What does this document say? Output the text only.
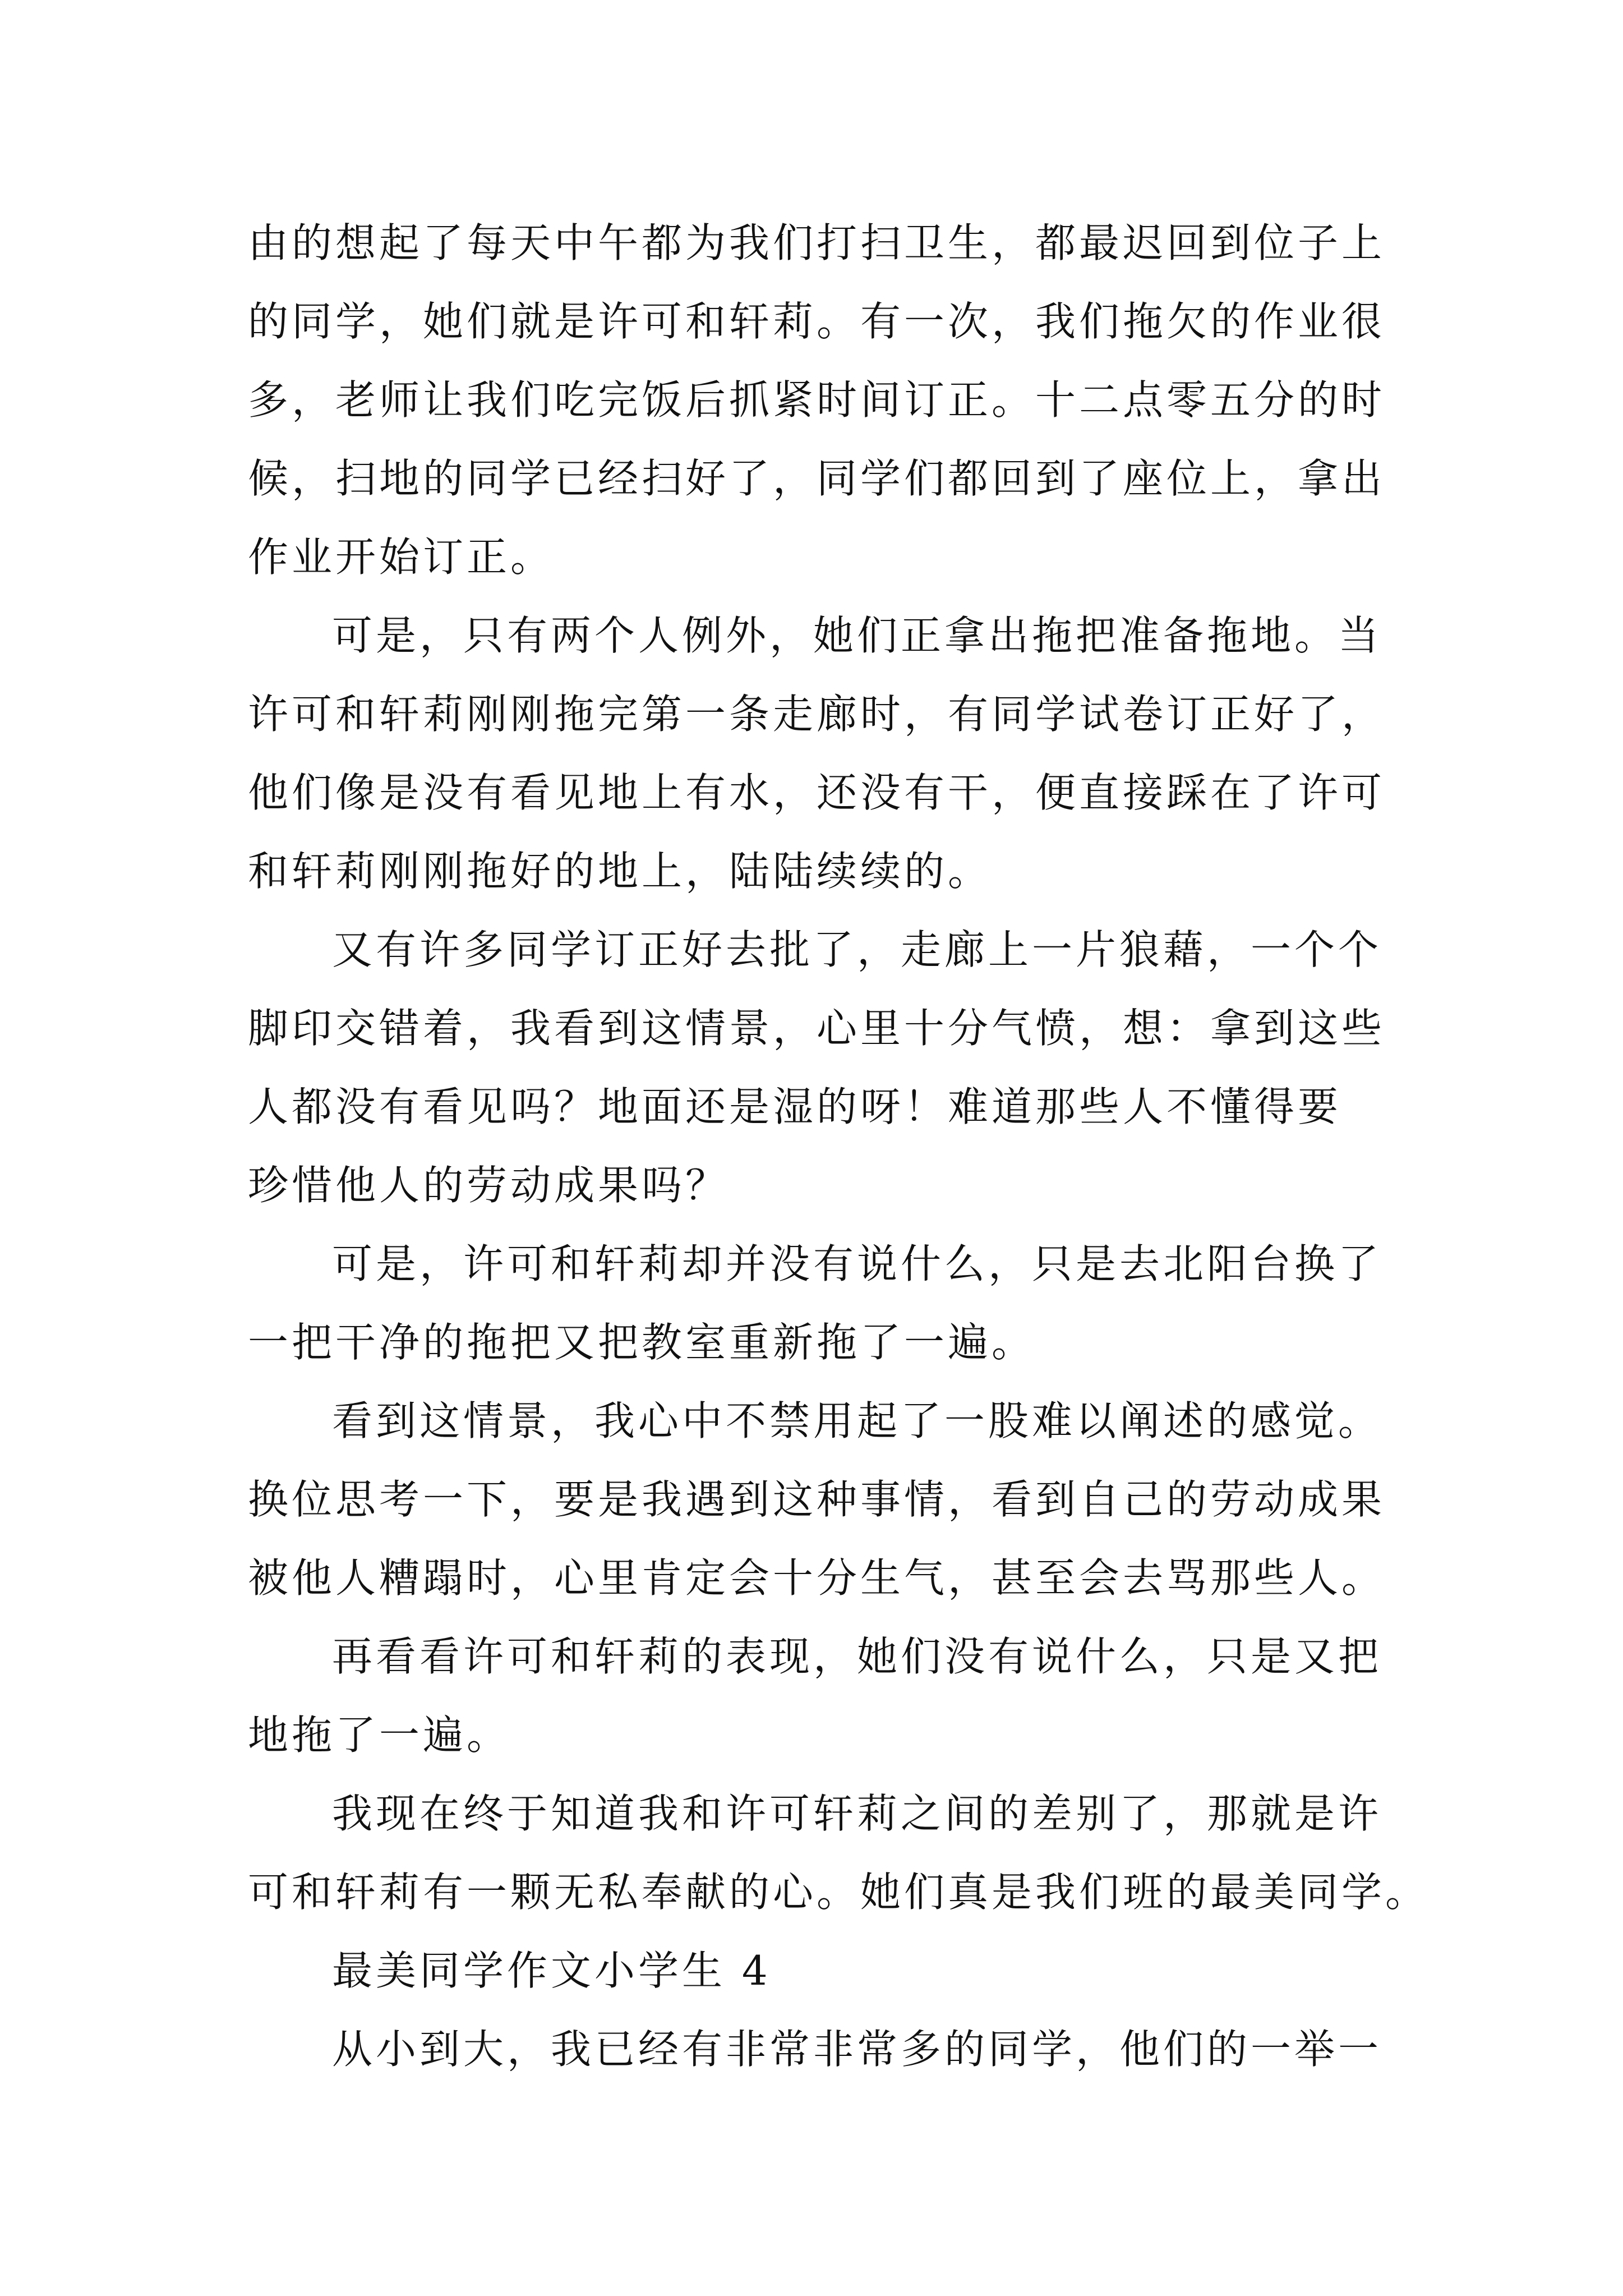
由的想起了每天中午都为我们打扫卫生，都最迟回到位子上

的同学，她们就是许可和轩莉。有一次，我们拖欠的作业很

多，老师让我们吃完饭后抓紧时间订正。十二点零五分的时

候，扫地的同学已经扫好了，同学们都回到了座位上，拿出

作业开始订正。

可是，只有两个人例外，她们正拿出拖把准备拖地。当

许可和轩莉刚刚拖完第一条走廊时，有同学试卷订正好了，

他们像是没有看见地上有水，还没有干，便直接踩在了许可

和轩莉刚刚拖好的地上，陆陆续续的。

又有许多同学订正好去批了，走廊上一片狼藉，一个个

脚印交错着，我看到这情景，心里十分气愤，想：拿到这些

人都没有看见吗？地面还是湿的呀！难道那些人不懂得要

珍惜他人的劳动成果吗？

可是，许可和轩莉却并没有说什么，只是去北阳台换了

一把干净的拖把又把教室重新拖了一遍。

看到这情景，我心中不禁用起了一股难以阐述的感觉。

换位思考一下，要是我遇到这种事情，看到自己的劳动成果

被他人糟蹋时，心里肯定会十分生气，甚至会去骂那些人。

再看看许可和轩莉的表现，她们没有说什么，只是又把

地拖了一遍。

我现在终于知道我和许可轩莉之间的差别了，那就是许

可和轩莉有一颗无私奉献的心。她们真是我们班的最美同学。

最美同学作文小学生 4

从小到大，我已经有非常非常多的同学，他们的一举一
